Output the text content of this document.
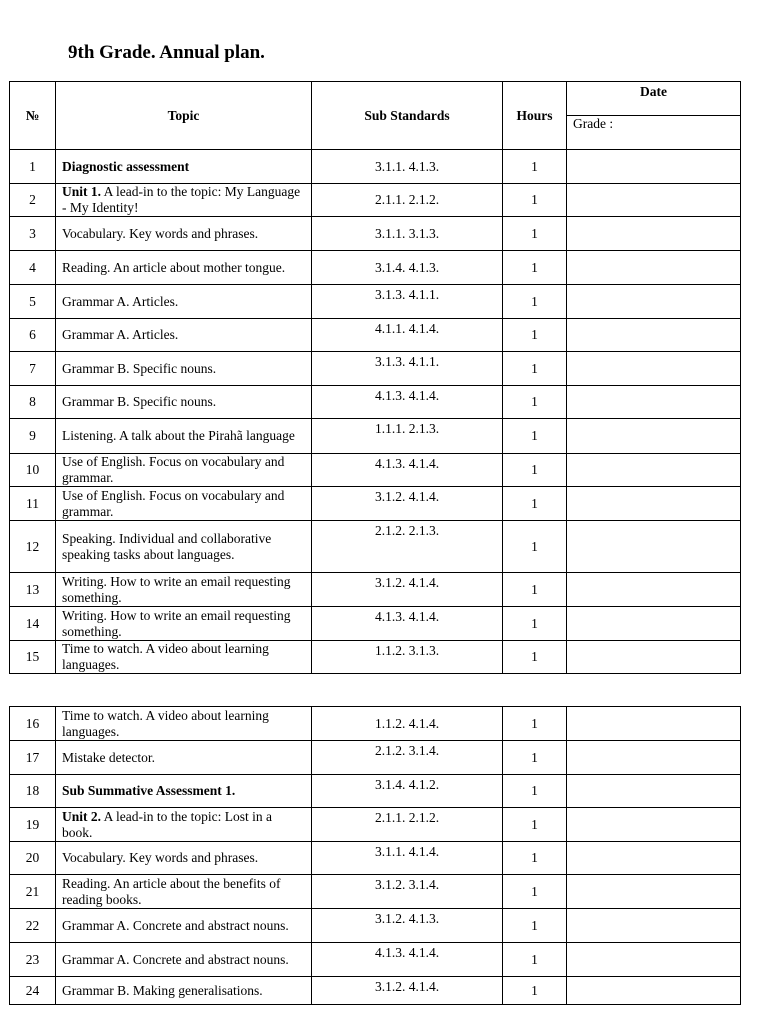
9th Grade. Annual plan.
№	Topic	Sub Standards	Hours	Date
				Grade :
1	Diagnostic assessment	3.1.1. 4.1.3.	1	
2	Unit 1. A lead-in to the topic: My Language - My Identity!	2.1.1. 2.1.2.	1	
3	Vocabulary. Key words and phrases.	3.1.1. 3.1.3.	1	
4	Reading. An article about mother tongue.	3.1.4. 4.1.3.	1	
5	Grammar A. Articles.	3.1.3. 4.1.1.	1	
6	Grammar A. Articles.	4.1.1. 4.1.4.	1	
7	Grammar B. Specific nouns.	3.1.3. 4.1.1.	1	
8	Grammar B. Specific nouns.	4.1.3. 4.1.4.	1	
9	Listening. A talk about the Pirahã language	1.1.1. 2.1.3.	1	
10	Use of English. Focus on vocabulary and grammar.	4.1.3. 4.1.4.	1	
11	Use of English. Focus on vocabulary and grammar.	3.1.2. 4.1.4.	1	
12	Speaking. Individual and collaborative speaking tasks about languages.	2.1.2. 2.1.3.	1	
13	Writing. How to write an email requesting something.	3.1.2. 4.1.4.	1	
14	Writing. How to write an email requesting something.	4.1.3. 4.1.4.	1	
15	Time to watch. A video about learning languages.	1.1.2. 3.1.3.	1	
16	Time to watch. A video about learning languages.	1.1.2. 4.1.4.	1	
17	Mistake detector.	2.1.2. 3.1.4.	1	
18	Sub Summative Assessment 1.	3.1.4. 4.1.2.	1	
19	Unit 2. A lead-in to the topic: Lost in a book.	2.1.1. 2.1.2.	1	
20	Vocabulary. Key words and phrases.	3.1.1. 4.1.4.	1	
21	Reading. An article about the benefits of reading books.	3.1.2. 3.1.4.	1	
22	Grammar A. Concrete and abstract nouns.	3.1.2. 4.1.3.	1	
23	Grammar A. Concrete and abstract nouns.	4.1.3. 4.1.4.	1	
24	Grammar B. Making generalisations.	3.1.2. 4.1.4.	1	
